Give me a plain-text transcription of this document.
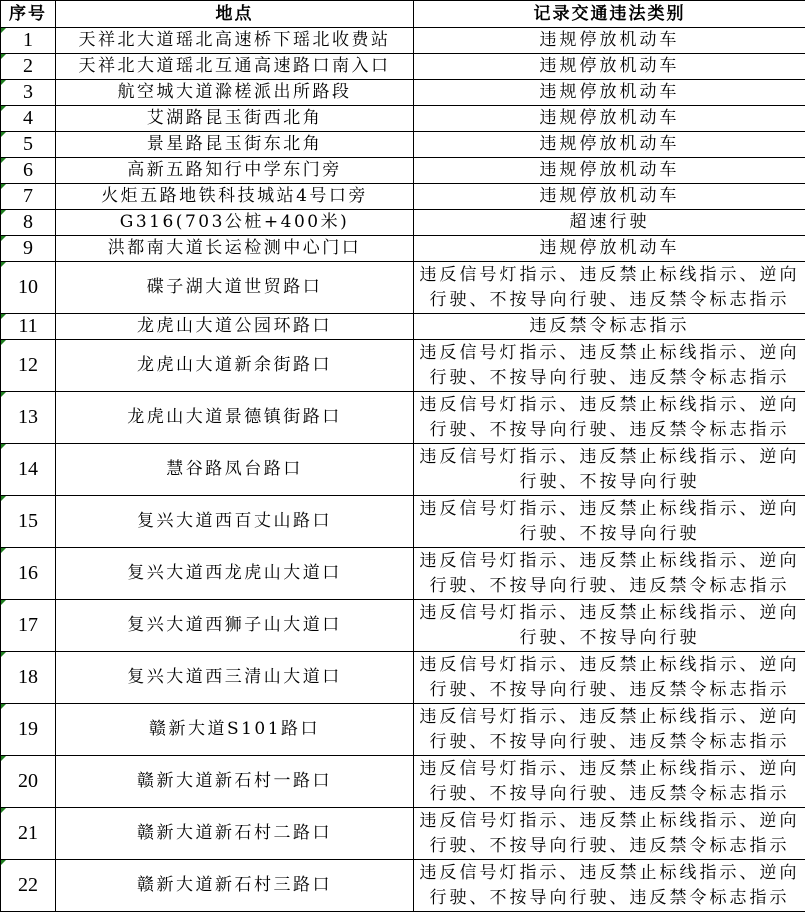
序号	地点	记录交通违法类别
1	天祥北大道瑶北高速桥下瑶北收费站	违规停放机动车
2	天祥北大道瑶北互通高速路口南入口	违规停放机动车
3	航空城大道滁槎派出所路段	违规停放机动车
4	艾湖路昆玉街西北角	违规停放机动车
5	景星路昆玉街东北角	违规停放机动车
6	高新五路知行中学东门旁	违规停放机动车
7	火炬五路地铁科技城站4号口旁	违规停放机动车
8	G316(703公桩+400米)	超速行驶
9	洪都南大道长运检测中心门口	违规停放机动车
10	碟子湖大道世贸路口	违反信号灯指示、违反禁止标线指示、逆向行驶、不按导向行驶、违反禁令标志指示
11	龙虎山大道公园环路口	违反禁令标志指示
12	龙虎山大道新余街路口	违反信号灯指示、违反禁止标线指示、逆向行驶、不按导向行驶、违反禁令标志指示
13	龙虎山大道景德镇街路口	违反信号灯指示、违反禁止标线指示、逆向行驶、不按导向行驶、违反禁令标志指示
14	慧谷路凤台路口	违反信号灯指示、违反禁止标线指示、逆向行驶、不按导向行驶
15	复兴大道西百丈山路口	违反信号灯指示、违反禁止标线指示、逆向行驶、不按导向行驶
16	复兴大道西龙虎山大道口	违反信号灯指示、违反禁止标线指示、逆向行驶、不按导向行驶、违反禁令标志指示
17	复兴大道西狮子山大道口	违反信号灯指示、违反禁止标线指示、逆向行驶、不按导向行驶
18	复兴大道西三清山大道口	违反信号灯指示、违反禁止标线指示、逆向行驶、不按导向行驶、违反禁令标志指示
19	赣新大道S101路口	违反信号灯指示、违反禁止标线指示、逆向行驶、不按导向行驶、违反禁令标志指示
20	赣新大道新石村一路口	违反信号灯指示、违反禁止标线指示、逆向行驶、不按导向行驶、违反禁令标志指示
21	赣新大道新石村二路口	违反信号灯指示、违反禁止标线指示、逆向行驶、不按导向行驶、违反禁令标志指示
22	赣新大道新石村三路口	违反信号灯指示、违反禁止标线指示、逆向行驶、不按导向行驶、违反禁令标志指示
